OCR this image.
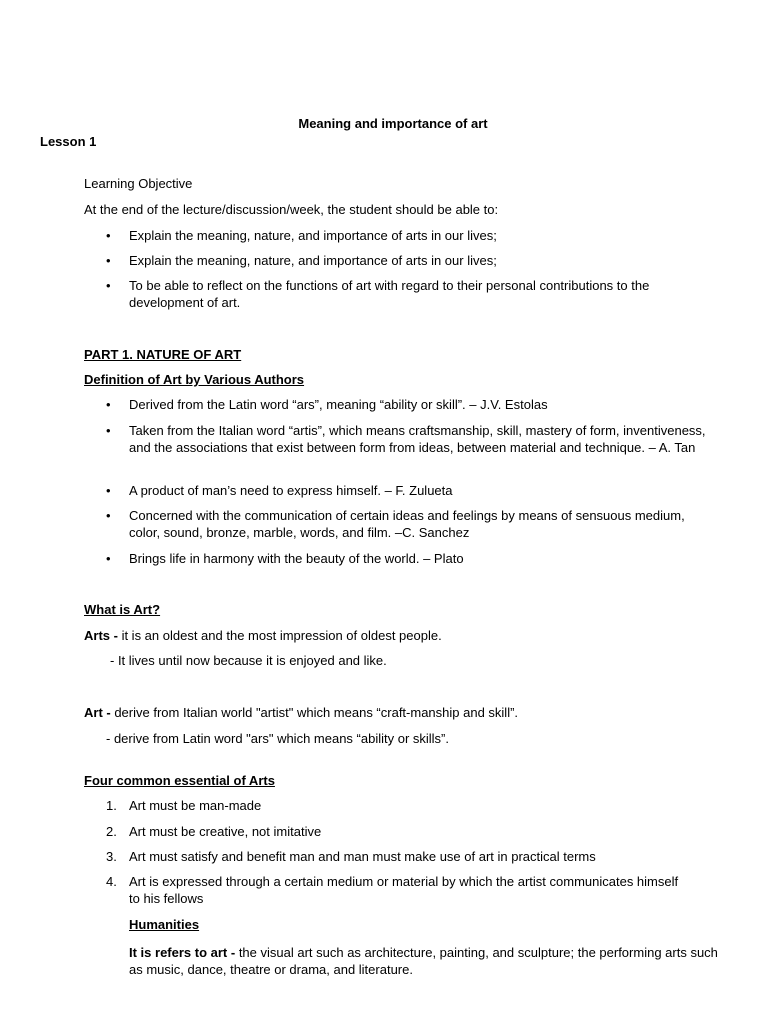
Meaning and importance of art
Lesson 1
Learning Objective
At the end of the lecture/discussion/week, the student should be able to:
•	Explain the meaning, nature, and importance of arts in our lives;
•	Explain the meaning, nature, and importance of arts in our lives;
•	To be able to reflect on the functions of art with regard to their personal contributions to the development of art.
PART 1. NATURE OF ART
Definition of Art by Various Authors
•	Derived from the Latin word “ars”, meaning “ability or skill”. – J.V. Estolas
•	Taken from the Italian word “artis”, which means craftsmanship, skill, mastery of form, inventiveness, and the associations that exist between form from ideas, between material and technique. – A. Tan
•	A product of man’s need to express himself. – F. Zulueta
•	Concerned with the communication of certain ideas and feelings by means of sensuous medium, color, sound, bronze, marble, words, and film. –C. Sanchez
•	Brings life in harmony with the beauty of the world. – Plato
What is Art?
Arts - it is an oldest and the most impression of oldest people.
- It lives until now because it is enjoyed and like.
Art - derive from Italian world "artist" which means “craft-manship and skill”.
- derive from Latin word "ars" which means “ability or skills”.
Four common essential of Arts
1. Art must be man-made
2. Art must be creative, not imitative
3. Art must satisfy and benefit man and man must make use of art in practical terms
4. Art is expressed through a certain medium or material by which the artist communicates himself to his fellows
Humanities
It is refers to art - the visual art such as architecture, painting, and sculpture; the performing arts such as music, dance, theatre or drama, and literature.
